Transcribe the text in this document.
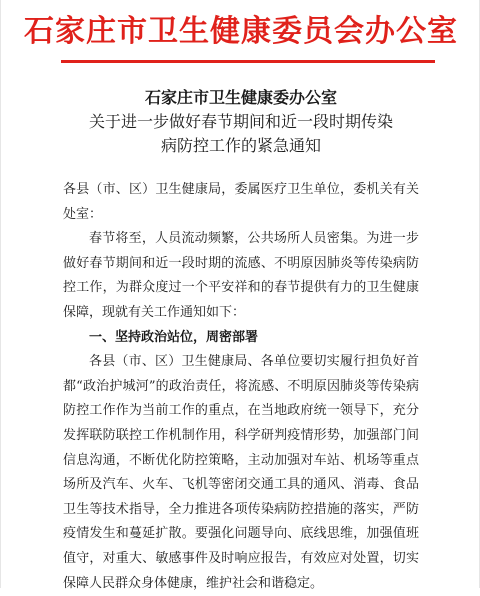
石家庄市卫生健康委员会办公室
石家庄市卫生健康委办公室
关于进一步做好春节期间和近一段时期传染
病防控工作的紧急通知

各县（市、区）卫生健康局，委属医疗卫生单位，委机关有关处室：

春节将至，人员流动频繁，公共场所人员密集。为进一步做好春节期间和近一段时期的流感、不明原因肺炎等传染病防控工作，为群众度过一个平安祥和的春节提供有力的卫生健康保障，现就有关工作通知如下：

一、坚持政治站位，周密部署

各县（市、区）卫生健康局、各单位要切实履行担负好首都“政治护城河”的政治责任，将流感、不明原因肺炎等传染病防控工作作为当前工作的重点，在当地政府统一领导下，充分发挥联防联控工作机制作用，科学研判疫情形势，加强部门间信息沟通，不断优化防控策略，主动加强对车站、机场等重点场所及汽车、火车、飞机等密闭交通工具的通风、消毒、食品卫生等技术指导，全力推进各项传染病防控措施的落实，严防疫情发生和蔓延扩散。要强化问题导向、底线思维，加强值班值守，对重大、敏感事件及时响应报告，有效应对处置，切实保障人民群众身体健康，维护社会和谐稳定。
